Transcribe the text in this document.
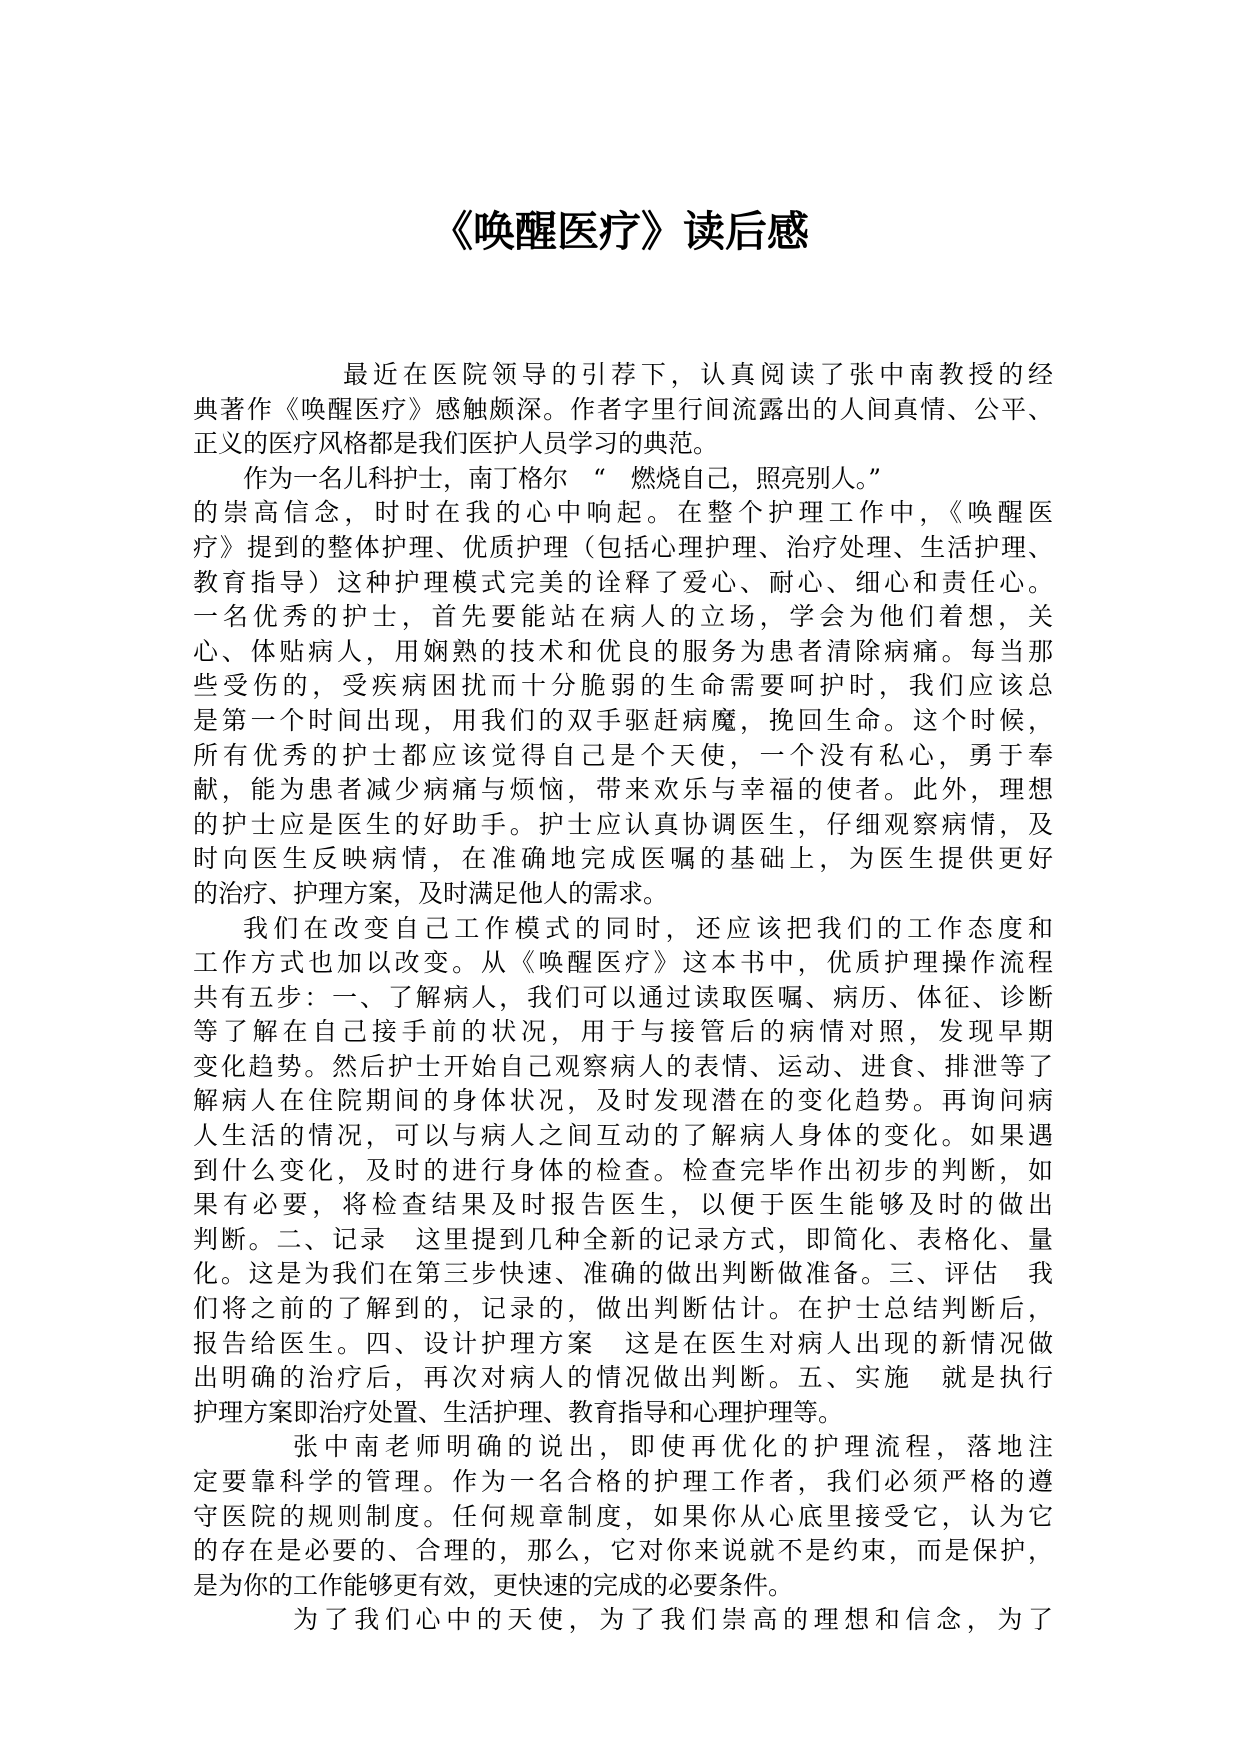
《唤醒医疗》读后感
最近在医院领导的引荐下，认真阅读了张中南教授的经
典著作《唤醒医疗》感触颇深。作者字里行间流露出的人间真情、公平、
正义的医疗风格都是我们医护人员学习的典范。
作为一名儿科护士，南丁格尔　“　燃烧自己，照亮别人。”
的崇高信念，时时在我的心中响起。在整个护理工作中，《唤醒医
疗》提到的整体护理、优质护理（包括心理护理、治疗处理、生活护理、
教育指导）这种护理模式完美的诠释了爱心、耐心、细心和责任心。
一名优秀的护士，首先要能站在病人的立场，学会为他们着想，关
心、体贴病人，用娴熟的技术和优良的服务为患者清除病痛。每当那
些受伤的，受疾病困扰而十分脆弱的生命需要呵护时，我们应该总
是第一个时间出现，用我们的双手驱赶病魔，挽回生命。这个时候，
所有优秀的护士都应该觉得自己是个天使，一个没有私心，勇于奉
献，能为患者减少病痛与烦恼，带来欢乐与幸福的使者。此外，理想
的护士应是医生的好助手。护士应认真协调医生，仔细观察病情，及
时向医生反映病情，在准确地完成医嘱的基础上，为医生提供更好
的治疗、护理方案，及时满足他人的需求。
我们在改变自己工作模式的同时，还应该把我们的工作态度和
工作方式也加以改变。从《唤醒医疗》这本书中，优质护理操作流程
共有五步：一、了解病人，我们可以通过读取医嘱、病历、体征、诊断
等了解在自己接手前的状况，用于与接管后的病情对照，发现早期
变化趋势。然后护士开始自己观察病人的表情、运动、进食、排泄等了
解病人在住院期间的身体状况，及时发现潜在的变化趋势。再询问病
人生活的情况，可以与病人之间互动的了解病人身体的变化。如果遇
到什么变化，及时的进行身体的检查。检查完毕作出初步的判断，如
果有必要，将检查结果及时报告医生，以便于医生能够及时的做出
判断。二、记录　这里提到几种全新的记录方式，即简化、表格化、量
化。这是为我们在第三步快速、准确的做出判断做准备。三、评估　我
们将之前的了解到的，记录的，做出判断估计。在护士总结判断后，
报告给医生。四、设计护理方案　这是在医生对病人出现的新情况做
出明确的治疗后，再次对病人的情况做出判断。五、实施　就是执行
护理方案即治疗处置、生活护理、教育指导和心理护理等。
张中南老师明确的说出，即使再优化的护理流程，落地注
定要靠科学的管理。作为一名合格的护理工作者，我们必须严格的遵
守医院的规则制度。任何规章制度，如果你从心底里接受它，认为它
的存在是必要的、合理的，那么，它对你来说就不是约束，而是保护，
是为你的工作能够更有效，更快速的完成的必要条件。
为了我们心中的天使，为了我们崇高的理想和信念，为了
